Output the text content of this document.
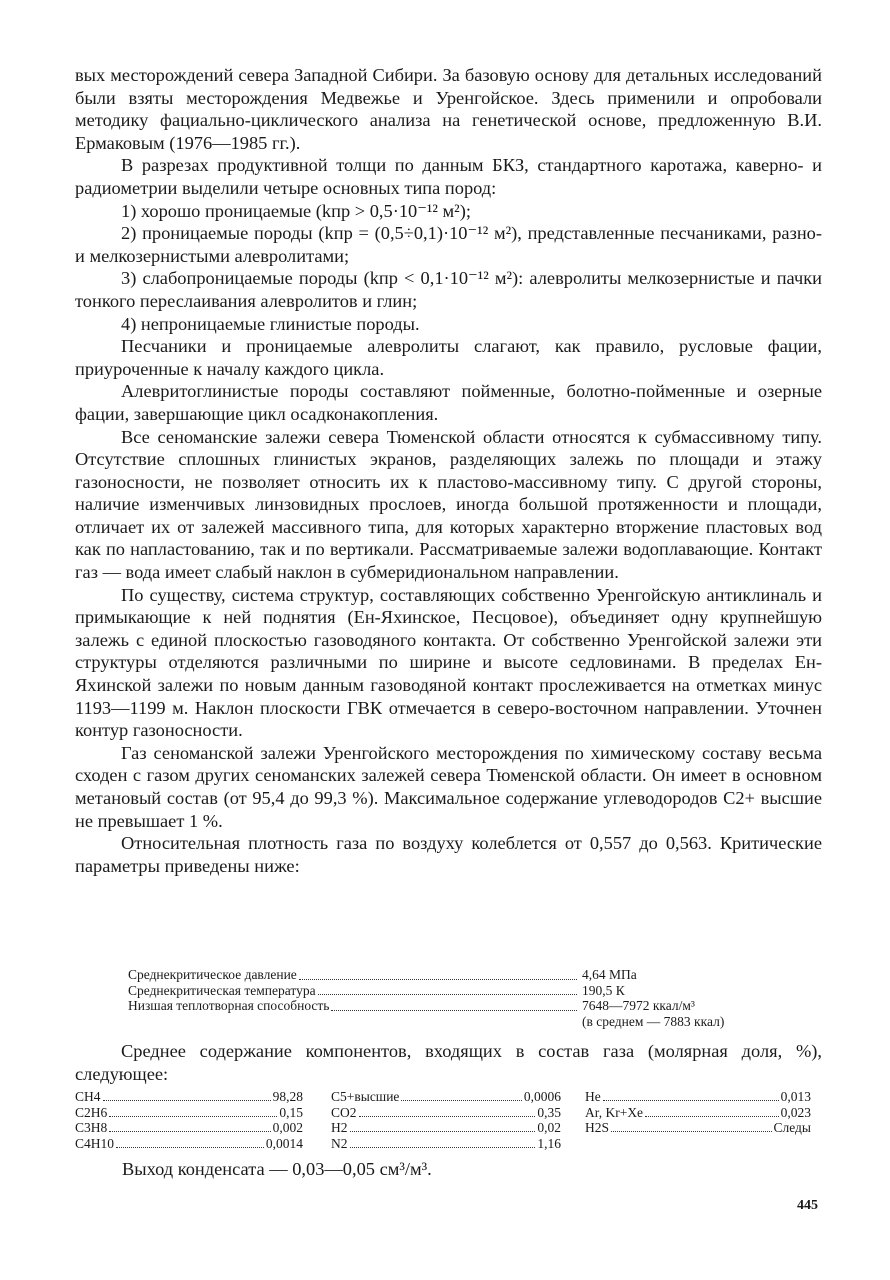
вых месторождений севера Западной Сибири. За базовую основу для детальных исследований были взяты месторождения Медвежье и Уренгойское. Здесь применили и опробовали методику фациально-циклического анализа на генетической основе, предложенную В.И. Ермаковым (1976—1985 гг.).

В разрезах продуктивной толщи по данным БКЗ, стандартного каротажа, каверно- и радиометрии выделили четыре основных типа пород:

1) хорошо проницаемые (kпр > 0,5·10⁻¹² м²);

2) проницаемые породы (kпр = (0,5÷0,1)·10⁻¹² м²), представленные песчаниками, разно- и мелкозернистыми алевролитами;

3) слабопроницаемые породы (kпр < 0,1·10⁻¹² м²): алевролиты мелкозернистые и пачки тонкого переслаивания алевролитов и глин;

4) непроницаемые глинистые породы.

Песчаники и проницаемые алевролиты слагают, как правило, русловые фации, приуроченные к началу каждого цикла.

Алевритоглинистые породы составляют пойменные, болотно-пойменные и озерные фации, завершающие цикл осадконакопления.

Все сеноманские залежи севера Тюменской области относятся к субмассивному типу. Отсутствие сплошных глинистых экранов, разделяющих залежь по площади и этажу газоносности, не позволяет относить их к пластово-массивному типу. С другой стороны, наличие изменчивых линзовидных прослоев, иногда большой протяженности и площади, отличает их от залежей массивного типа, для которых характерно вторжение пластовых вод как по напластованию, так и по вертикали. Рассматриваемые залежи водоплавающие. Контакт газ — вода имеет слабый наклон в субмеридиональном направлении.

По существу, система структур, составляющих собственно Уренгойскую антиклиналь и примыкающие к ней поднятия (Ен-Яхинское, Песцовое), объединяет одну крупнейшую залежь с единой плоскостью газоводяного контакта. От собственно Уренгойской залежи эти структуры отделяются различными по ширине и высоте седловинами. В пределах Ен-Яхинской залежи по новым данным газоводяной контакт прослеживается на отметках минус 1193—1199 м. Наклон плоскости ГВК отмечается в северо-восточном направлении. Уточнен контур газоносности.

Газ сеноманской залежи Уренгойского месторождения по химическому составу весьма сходен с газом других сеноманских залежей севера Тюменской области. Он имеет в основном метановый состав (от 95,4 до 99,3 %). Максимальное содержание углеводородов С2+ высшие не превышает 1 %.

Относительная плотность газа по воздуху колеблется от 0,557 до 0,563. Критические параметры приведены ниже:

Среднекритическое давление	4,64 МПа
Среднекритическая температура	190,5 К
Низшая теплотворная способность	7648—7972 ккал/м³
(в среднем — 7883 ккал)

Среднее содержание компонентов, входящих в состав газа (молярная доля, %), следующее:

CH4	98,28
C2H6	0,15
C3H8	0,002
C4H10	0,0014
C5+высшие	0,0006
CO2	0,35
H2	0,02
N2	1,16
He	0,013
Ar, Kr+Xe	0,023
H2S	Следы
Выход конденсата — 0,03—0,05 см³/м³.
445
